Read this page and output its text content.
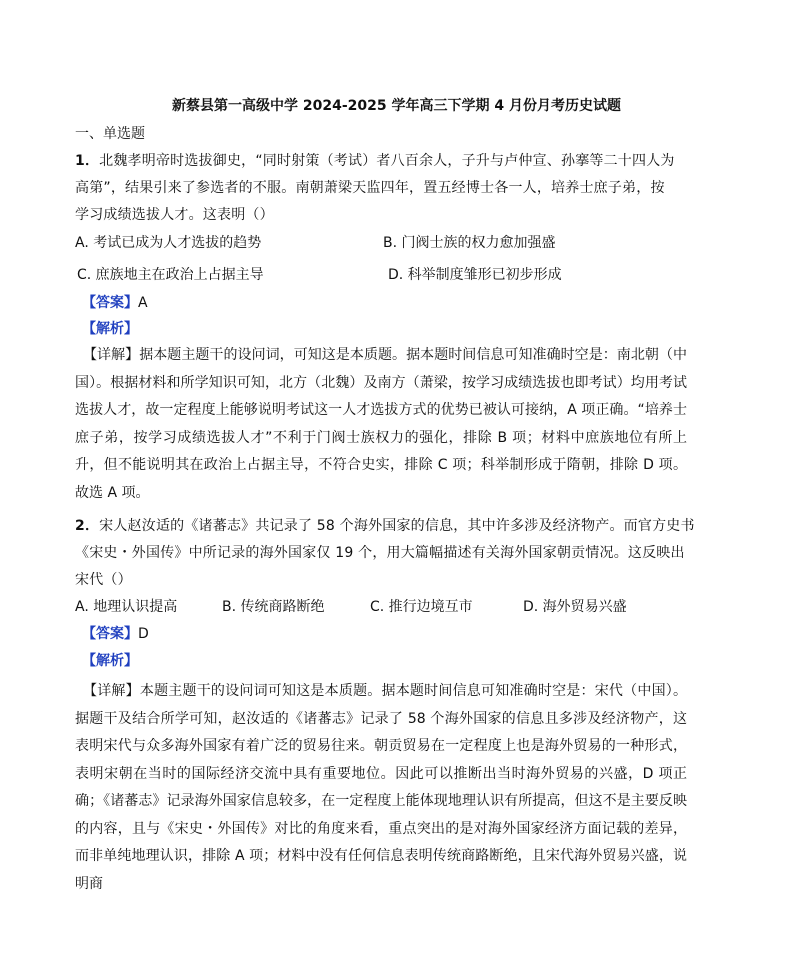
新蔡县第一高级中学 2024-2025 学年高三下学期 4 月份月考历史试题
一、单选题
1．北魏孝明帝时选拔御史，“同时射策（考试）者八百余人，子升与卢仲宣、孙搴等二十四人为
高第”，结果引来了参选者的不服。南朝萧梁天监四年，置五经博士各一人，培养士庶子弟，按
学习成绩选拔人才。这表明（）
A. 考试已成为人才选拔的趋势	B. 门阀士族的权力愈加强盛
C. 庶族地主在政治上占据主导	D. 科举制度雏形已初步形成
【答案】A
【解析】
【详解】据本题主题干的设问词，可知这是本质题。据本题时间信息可知准确时空是：南北朝（中国）。根据材料和所学知识可知，北方（北魏）及南方（萧梁，按学习成绩选拔也即考试）均用考试选拔人才，故一定程度上能够说明考试这一人才选拔方式的优势已被认可接纳，A 项正确。“培养士庶子弟，按学习成绩选拔人才”不利于门阀士族权力的强化，排除 B 项；材料中庶族地位有所上升，但不能说明其在政治上占据主导，不符合史实，排除 C 项；科举制形成于隋朝，排除 D 项。故选 A 项。
2．宋人赵汝适的《诸蕃志》共记录了 58 个海外国家的信息，其中许多涉及经济物产。而官方史书
《宋史・外国传》中所记录的海外国家仅 19 个，用大篇幅描述有关海外国家朝贡情况。这反映出
宋代（）
A. 地理认识提高	B. 传统商路断绝	C. 推行边境互市	D. 海外贸易兴盛
【答案】D
【解析】
【详解】本题主题干的设问词可知这是本质题。据本题时间信息可知准确时空是：宋代（中国）。据题干及结合所学可知，赵汝适的《诸蕃志》记录了 58 个海外国家的信息且多涉及经济物产，这表明宋代与众多海外国家有着广泛的贸易往来。朝贡贸易在一定程度上也是海外贸易的一种形式，表明宋朝在当时的国际经济交流中具有重要地位。因此可以推断出当时海外贸易的兴盛，D 项正确；《诸蕃志》记录海外国家信息较多，在一定程度上能体现地理认识有所提高，但这不是主要反映的内容，且与《宋史・外国传》对比的角度来看，重点突出的是对海外国家经济方面记载的差异，而非单纯地理认识，排除 A 项；材料中没有任何信息表明传统商路断绝，且宋代海外贸易兴盛，说明商
